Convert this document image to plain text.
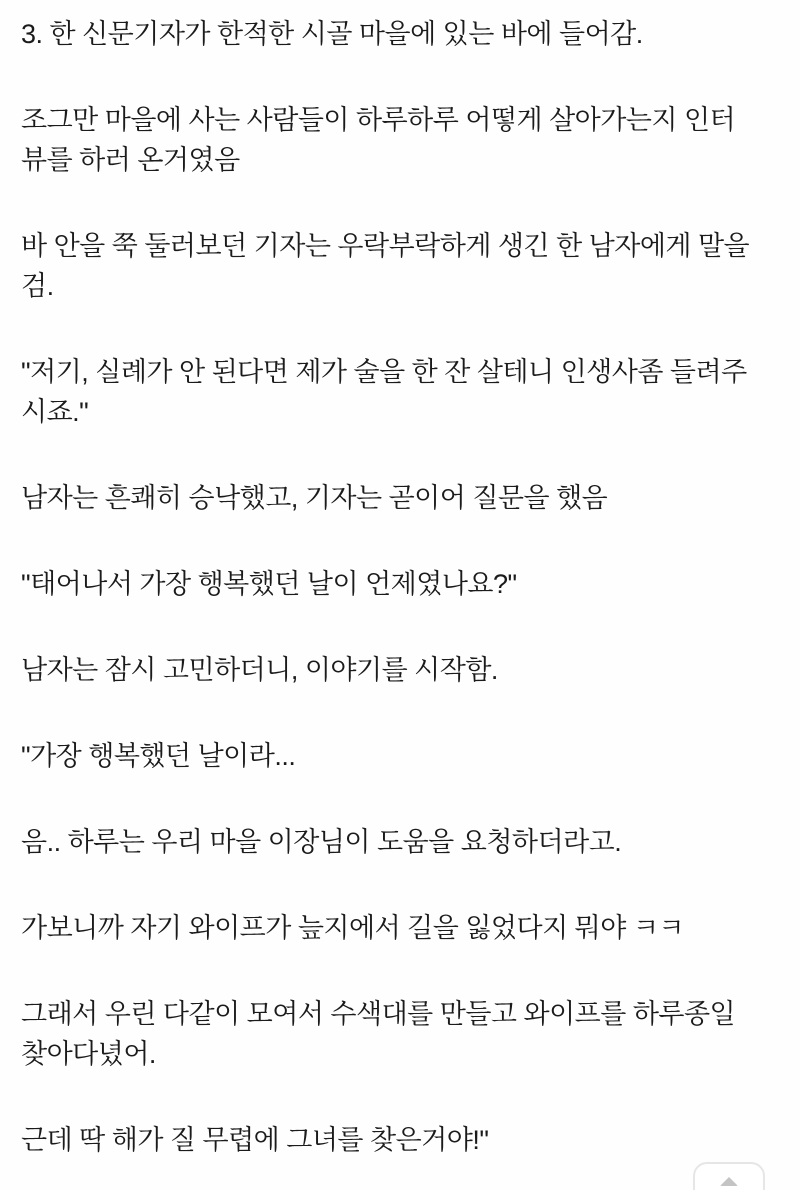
3. 한 신문기자가 한적한 시골 마을에 있는 바에 들어감.
조그만 마을에 사는 사람들이 하루하루 어떻게 살아가는지 인터
뷰를 하러 온거였음
바 안을 쭉 둘러보던 기자는 우락부락하게 생긴 한 남자에게 말을
검.
"저기, 실례가 안 된다면 제가 술을 한 잔 살테니 인생사좀 들려주
시죠."
남자는 흔쾌히 승낙했고, 기자는 곧이어 질문을 했음
"태어나서 가장 행복했던 날이 언제였나요?"
남자는 잠시 고민하더니, 이야기를 시작함.
"가장 행복했던 날이라...
음.. 하루는 우리 마을 이장님이 도움을 요청하더라고.
가보니까 자기 와이프가 늪지에서 길을 잃었다지 뭐야 ㅋㅋ
그래서 우린 다같이 모여서 수색대를 만들고 와이프를 하루종일
찾아다녔어.
근데 딱 해가 질 무렵에 그녀를 찾은거야!"
